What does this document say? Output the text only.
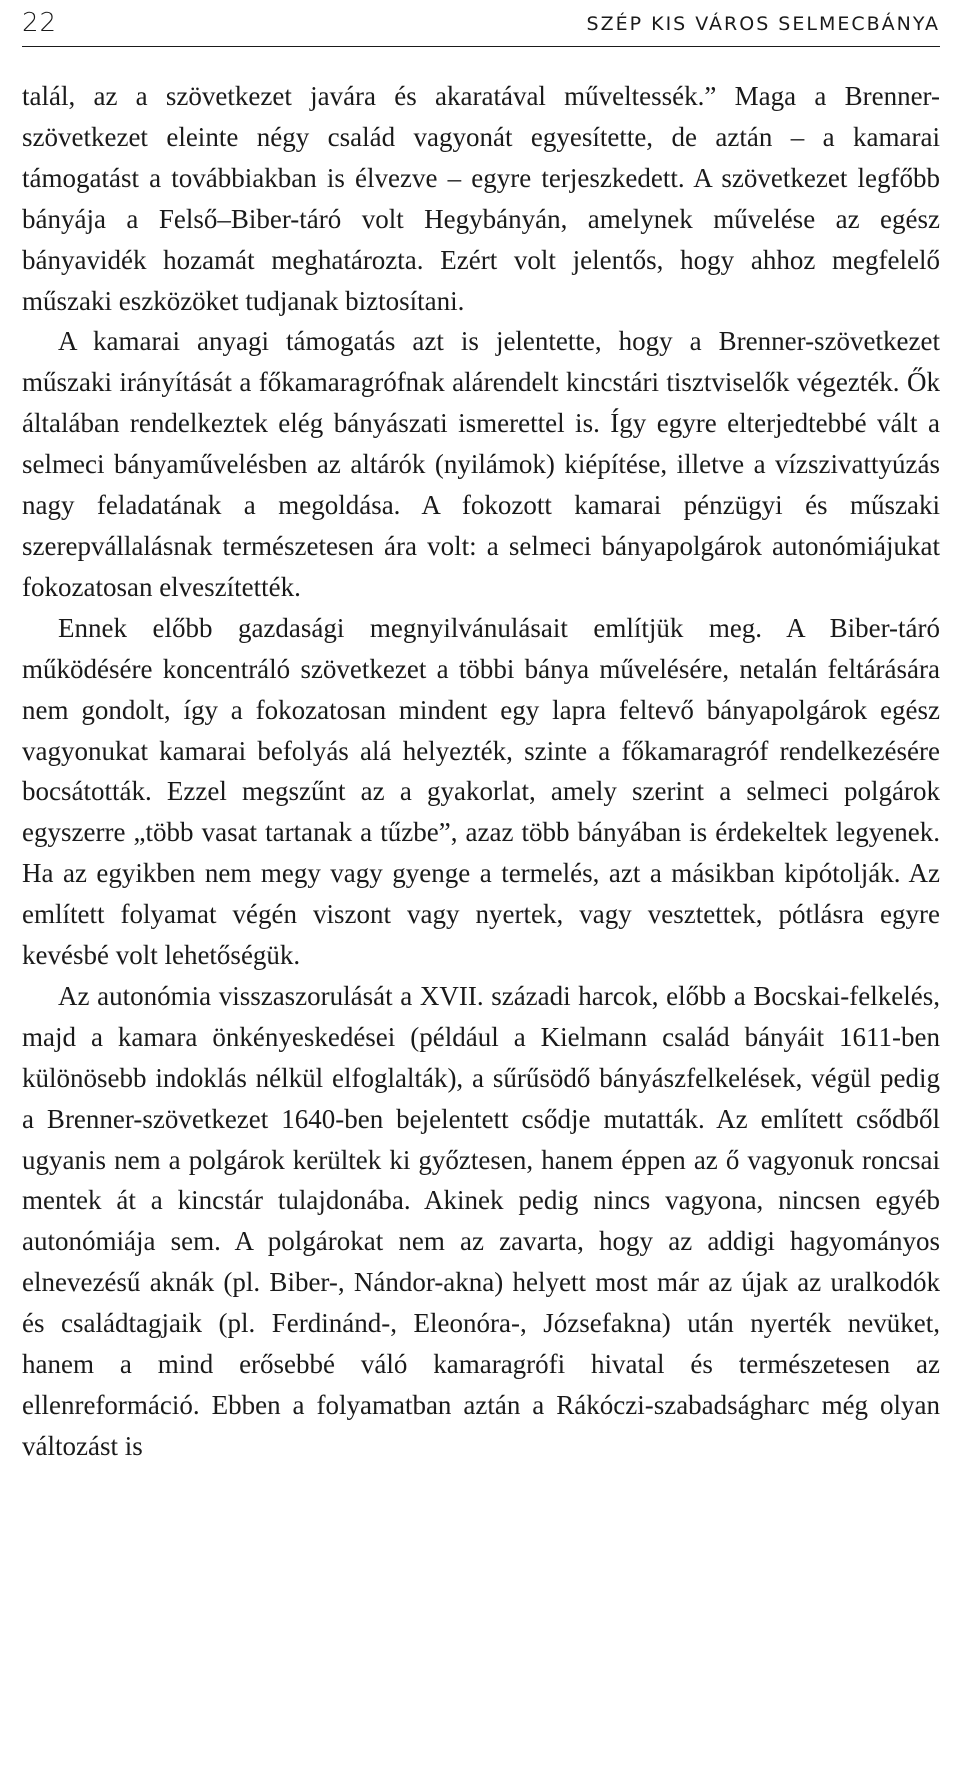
22	SZÉP KIS VÁROS SELMECBÁNYA

talál, az a szövetkezet javára és akaratával műveltessék.” Maga a Brenner-szövetkezet eleinte négy család vagyonát egyesítette, de aztán – a kamarai támogatást a továbbiakban is élvezve – egyre terjeszkedett. A szövetkezet legfőbb bányája a Felső–Biber-táró volt Hegybányán, amelynek művelése az egész bányavidék hozamát meghatározta. Ezért volt jelentős, hogy ahhoz megfelelő műszaki eszközöket tudjanak biztosítani.

A kamarai anyagi támogatás azt is jelentette, hogy a Brenner-szövetkezet műszaki irányítását a főkamaragrófnak alárendelt kincstári tisztviselők végezték. Ők általában rendelkeztek elég bányászati ismerettel is. Így egyre elterjedtebbé vált a selmeci bányaművelésben az altárók (nyilámok) kiépítése, illetve a vízszivattyúzás nagy feladatának a megoldása. A fokozott kamarai pénzügyi és műszaki szerepvállalásnak természetesen ára volt: a selmeci bányapolgárok autonómiájukat fokozatosan elveszítették.

Ennek előbb gazdasági megnyilvánulásait említjük meg. A Biber-táró működésére koncentráló szövetkezet a többi bánya művelésére, netalán feltárására nem gondolt, így a fokozatosan mindent egy lapra feltevő bányapolgárok egész vagyonukat kamarai befolyás alá helyezték, szinte a főkamaragróf rendelkezésére bocsátották. Ezzel megszűnt az a gyakorlat, amely szerint a selmeci polgárok egyszerre „több vasat tartanak a tűzbe”, azaz több bányában is érdekeltek legyenek. Ha az egyikben nem megy vagy gyenge a termelés, azt a másikban kipótolják. Az említett folyamat végén viszont vagy nyertek, vagy vesztettek, pótlásra egyre kevésbé volt lehetőségük.

Az autonómia visszaszorulását a XVII. századi harcok, előbb a Bocskai-felkelés, majd a kamara önkényeskedései (például a Kielmann család bányáit 1611-ben különösebb indoklás nélkül elfoglalták), a sűrűsödő bányászfelkelések, végül pedig a Brenner-szövetkezet 1640-ben bejelentett csődje mutatták. Az említett csődből ugyanis nem a polgárok kerültek ki győztesen, hanem éppen az ő vagyonuk roncsai mentek át a kincstár tulajdonába. Akinek pedig nincs vagyona, nincsen egyéb autonómiája sem. A polgárokat nem az zavarta, hogy az addigi hagyományos elnevezésű aknák (pl. Biber-, Nándor-akna) helyett most már az újak az uralkodók és családtagjaik (pl. Ferdinánd-, Eleonóra-, Józsefakna) után nyerték nevüket, hanem a mind erősebbé váló kamaragrófi hivatal és természetesen az ellenreformáció. Ebben a folyamatban aztán a Rákóczi-szabadságharc még olyan változást is
